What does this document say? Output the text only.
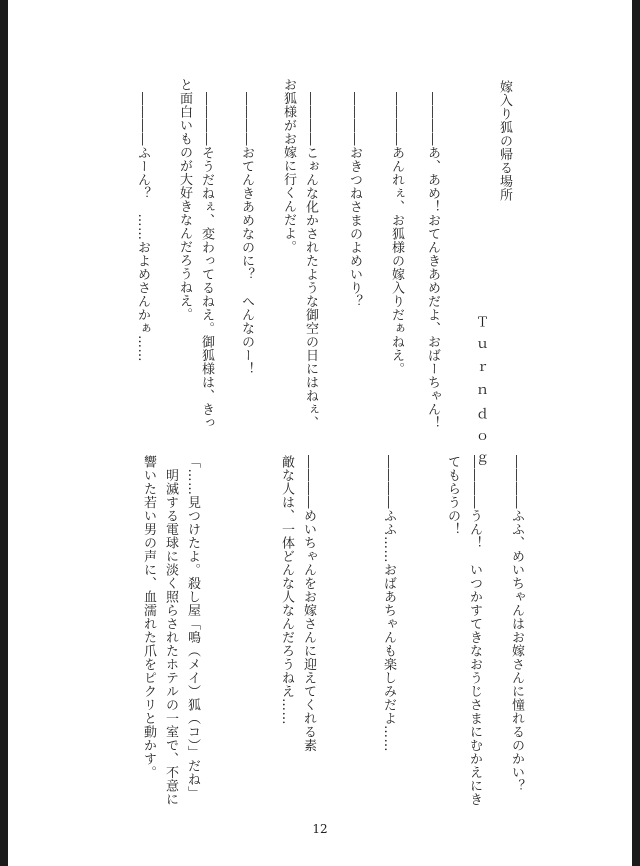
嫁入り狐の帰る場所
Ｔｕｒｎｄｏｇ
――――あ、あめ！おてんきあめだよ、おばーちゃん！
――――あんれぇ、お狐様の嫁入りだぁねえ。
――――おきつねさまのよめいり？
――――こぉんな化かされたような御空の日にはねぇ、
お狐様がお嫁に行くんだよ。
――――おてんきあめなのに？　へんなのー！
――――そうだねぇ、変わってるねえ。御狐様は、きっ
と面白いものが大好きなんだろうねえ。
――――ふーん？　……およめさんかぁ……
――――ふふ、めいちゃんはお嫁さんに憧れるのかい？
――――うん！　いつかすてきなおうじさまにむかえにき
てもらうの！
――――ふふ……おばあちゃんも楽しみだよ……
――――めいちゃんをお嫁さんに迎えてくれる素
敵な人は、一体どんな人なんだろうねえ……
「……見つけたよ。殺し屋「鳴（メイ）狐（コ）」だね」
　明滅する電球に淡く照らされたホテルの一室で、不意に
響いた若い男の声に、血濡れた爪をピクリと動かす。
12
